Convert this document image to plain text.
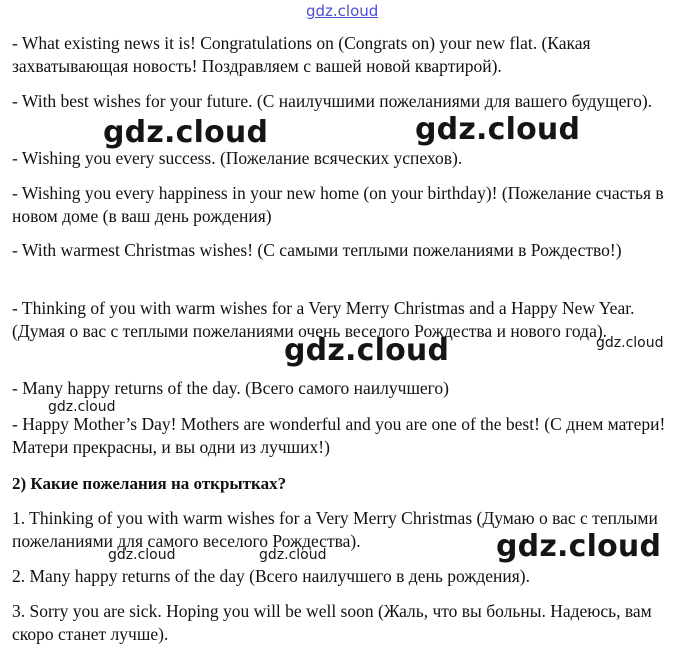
gdz.cloud

- What existing news it is! Congratulations on (Congrats on) your new flat. (Какая захватывающая новость! Поздравляем с вашей новой квартирой).

- With best wishes for your future. (С наилучшими пожеланиями для вашего будущего).

- Wishing you every success. (Пожелание всяческих успехов).

- Wishing you every happiness in your new home (on your birthday)! (Пожелание счастья в новом доме (в ваш день рождения)

- With warmest Christmas wishes! (С самыми теплыми пожеланиями в Рождество!)

- Thinking of you with warm wishes for a Very Merry Christmas and a Happy New Year. (Думая о вас с теплыми пожеланиями очень веселого Рождества и нового года).

- Many happy returns of the day. (Всего самого наилучшего)

- Happy Mother’s Day! Mothers are wonderful and you are one of the best! (С днем матери! Матери прекрасны, и вы одни из лучших!)

2) Какие пожелания на открытках?

1. Thinking of you with warm wishes for a Very Merry Christmas (Думаю о вас с теплыми пожеланиями для самого веселого Рождества).

2. Many happy returns of the day (Всего наилучшего в день рождения).

3. Sorry you are sick. Hoping you will be well soon (Жаль, что вы больны. Надеюсь, вам скоро станет лучше).

gdz.cloud	gdz.cloud
gdz.cloud	gdz.cloud
gdz.cloud
gdz.cloud
gdz.cloud	gdz.cloud
